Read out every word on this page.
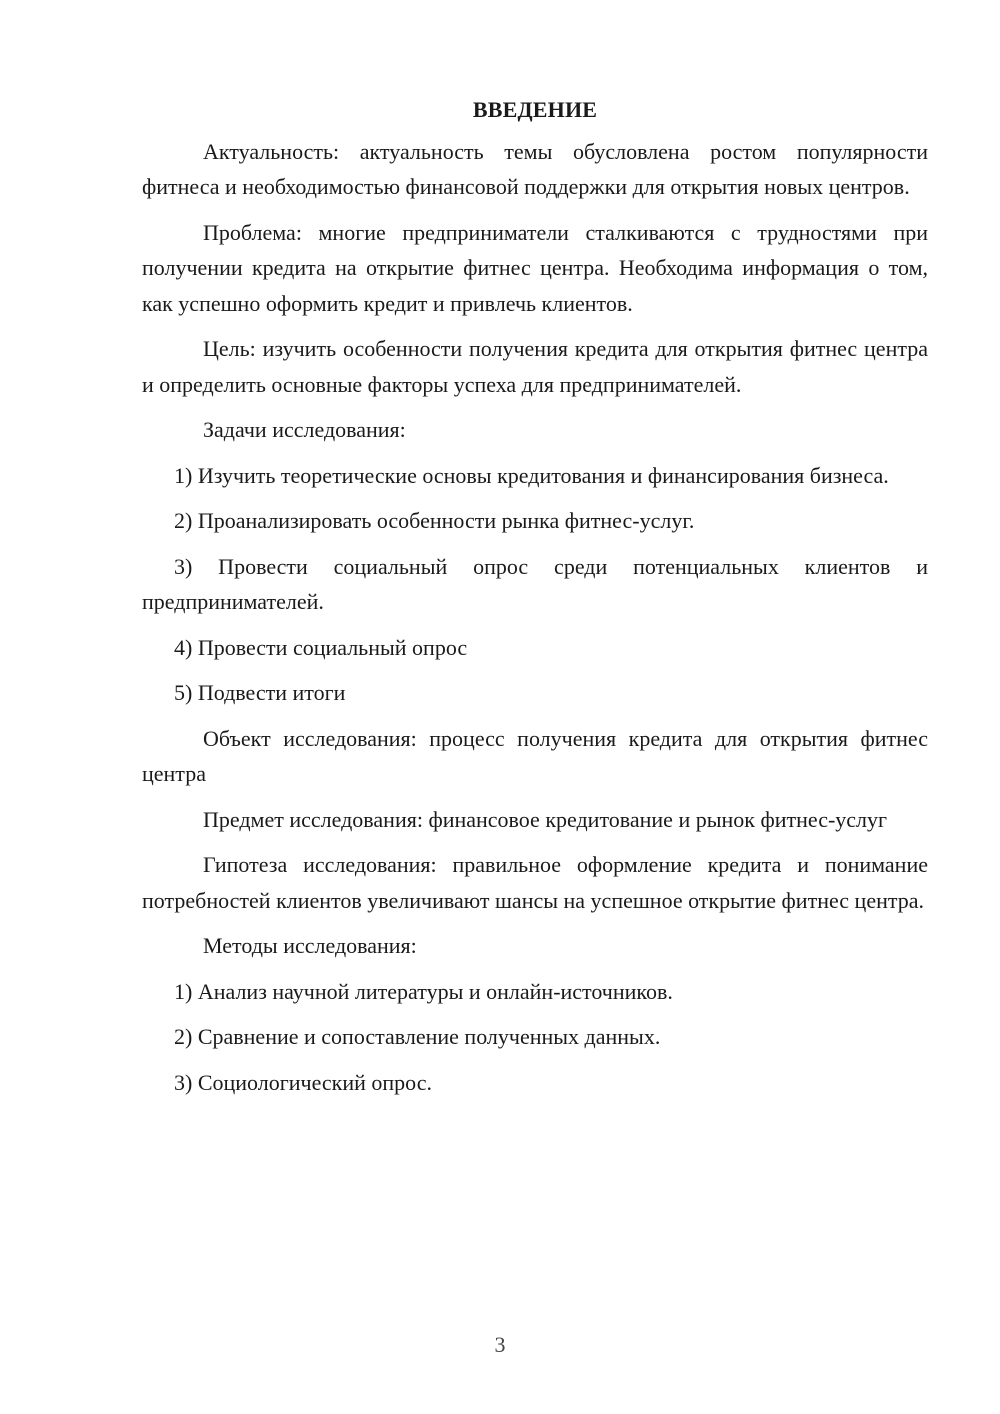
ВВЕДЕНИЕ

Актуальность: актуальность темы обусловлена ростом популярности фитнеса и необходимостью финансовой поддержки для открытия новых центров.

Проблема: многие предприниматели сталкиваются с трудностями при получении кредита на открытие фитнес центра. Необходима информация о том, как успешно оформить кредит и привлечь клиентов.

Цель: изучить особенности получения кредита для открытия фитнес центра и определить основные факторы успеха для предпринимателей.

Задачи исследования:

1) Изучить теоретические основы кредитования и финансирования бизнеса.

2) Проанализировать особенности рынка фитнес-услуг.

3) Провести социальный опрос среди потенциальных клиентов и предпринимателей.

4) Провести социальный опрос

5) Подвести итоги

Объект исследования: процесс получения кредита для открытия фитнес центра

Предмет исследования: финансовое кредитование и рынок фитнес-услуг

Гипотеза исследования: правильное оформление кредита и понимание потребностей клиентов увеличивают шансы на успешное открытие фитнес центра.

Методы исследования:

1) Анализ научной литературы и онлайн-источников.

2) Сравнение и сопоставление полученных данных.

3) Социологический опрос.

3
